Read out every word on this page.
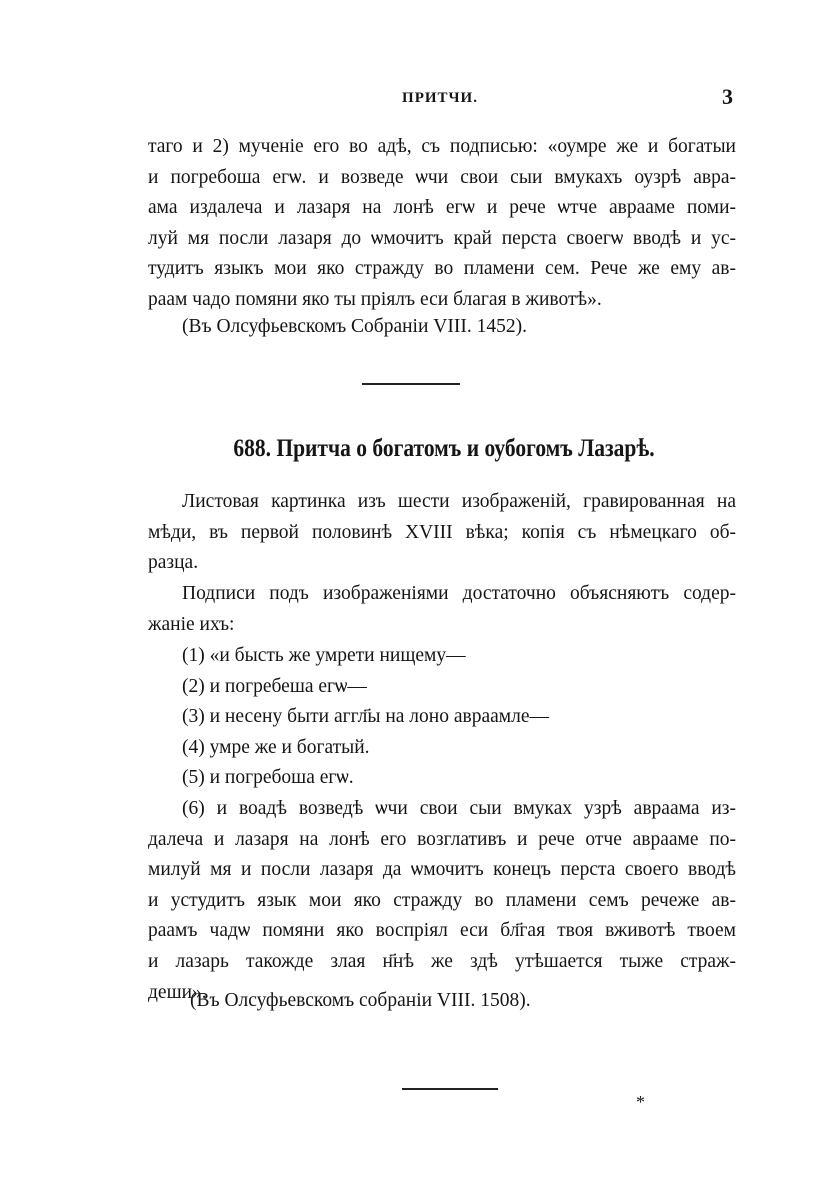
ПРИТЧИ.	3
таго и 2) мученіе его во адѣ, съ подписью: «оумре же и богатыи
и погребоша егѡ. и возведе ѡчи свои сыи вмукахъ оузрѣ авра-
ама издалеча и лазаря на лонѣ егѡ и рече ѡтче авраамe поми-
луй мя посли лазаря до ѡмочитъ край перста своегѡ вводѣ и ус-
тудитъ языкъ мои яко стражду во пламени сем. Рече же ему ав-
раам чадо помяни яко ты пріялъ еси благая в животѣ».
(Въ Олсуфьевскомъ Собраніи VIII. 1452).
688. Притча о богатомъ и оубогомъ Лазарѣ.
Листовая картинка изъ шести изображеній, гравированная на
мѣди, въ первой половинѣ XVIII вѣка; копія съ нѣмецкаго об-
разца.
Подписи подъ изображеніями достаточно объясняютъ содер-
жаніе ихъ:
(1) «и бысть же умрети нищему—
(2) и погребеша егѡ—
(3) и несену быти аггл҃ы на лоно авраамле—
(4) умре же и богатый.
(5) и погребоша егѡ.
(6) и воадѣ возведѣ ѡчи свои сыи вмуках узрѣ авраама из-
далеча и лазаря на лонѣ его возглативъ и рече отче авраамe по-
милуй мя и посли лазаря да ѡмочитъ конецъ перста своего вводѣ
и устудитъ язык мои яко стражду во пламени семъ речеже ав-
раамъ чадѡ помяни яко воспріял еси бл҃гая твоя вживотѣ твоем
и лазарь такожде злая н҃нѣ же здѣ утѣшается тыже страж-
деши».
(Въ Олсуфьевскомъ собраніи VIII. 1508).
*
